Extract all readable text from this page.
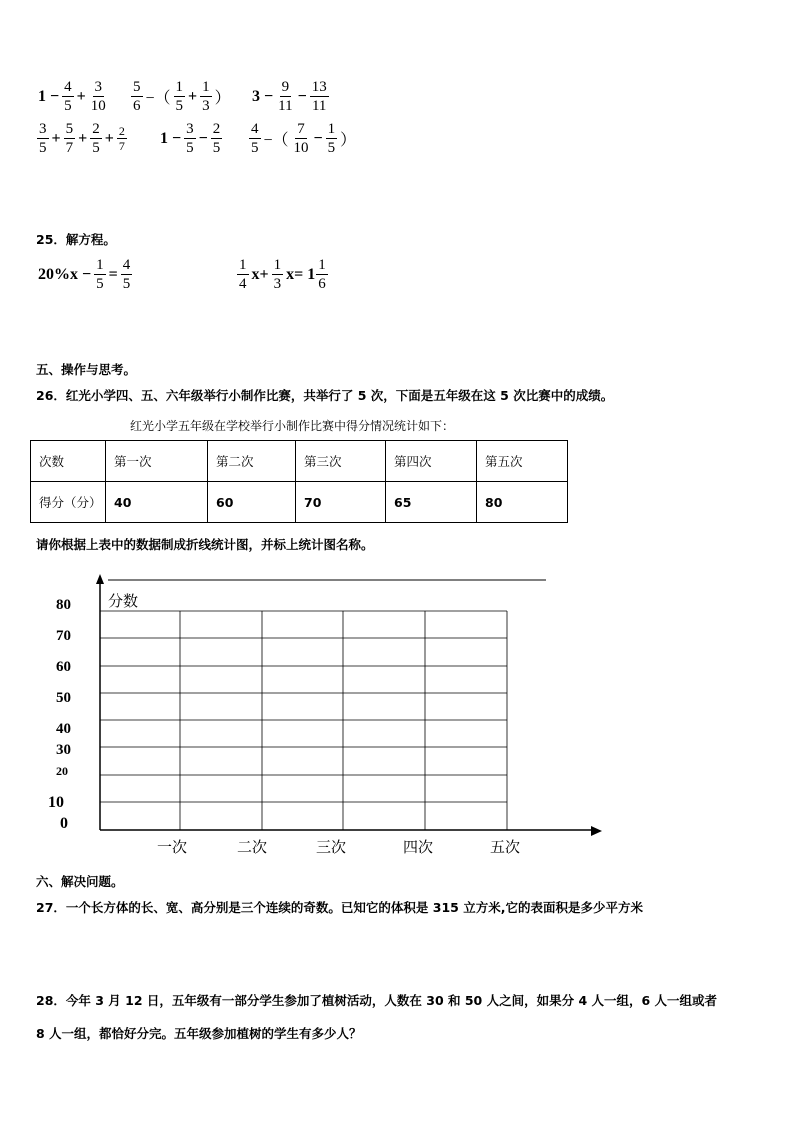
$1 - \frac{4}{5} + \frac{3}{10} \frac{5}{6}$ −（ $\frac{1}{5} + \frac{1}{3}$ ） $3 - \frac{9}{11} - \frac{13}{11}$
$\frac{3}{5} + \frac{5}{7} + \frac{2}{5} + \frac{2}{7} 1 - \frac{3}{5} - \frac{2}{5} \frac{4}{5}$ −（ $\frac{7}{10} - \frac{1}{5}$ ）
25．解方程。
$20\%x - \frac{1}{5} = \frac{4}{5}$	$\frac{1}{4} x+ \frac{1}{3} x= 1 \frac{1}{6}$
五、操作与思考。
26．红光小学四、五、六年级举行小制作比赛，共举行了 5 次，下面是五年级在这 5 次比赛中的成绩。
红光小学五年级在学校举行小制作比赛中得分情况统计如下：
次数	第一次	第二次	第三次	第四次	第五次
得分（分）	40	60	70	65	80
请你根据上表中的数据制成折线统计图，并标上统计图名称。
分数
80
70
60
50
40
30
20
10
0
一次	二次	三次	四次	五次
六、解决问题。
27．一个长方体的长、宽、高分别是三个连续的奇数。已知它的体积是 315 立方米,它的表面积是多少平方米
28．今年 3 月 12 日，五年级有一部分学生参加了植树活动，人数在 30 和 50 人之间，如果分 4 人一组，6 人一组或者
8 人一组，都恰好分完。五年级参加植树的学生有多少人？
